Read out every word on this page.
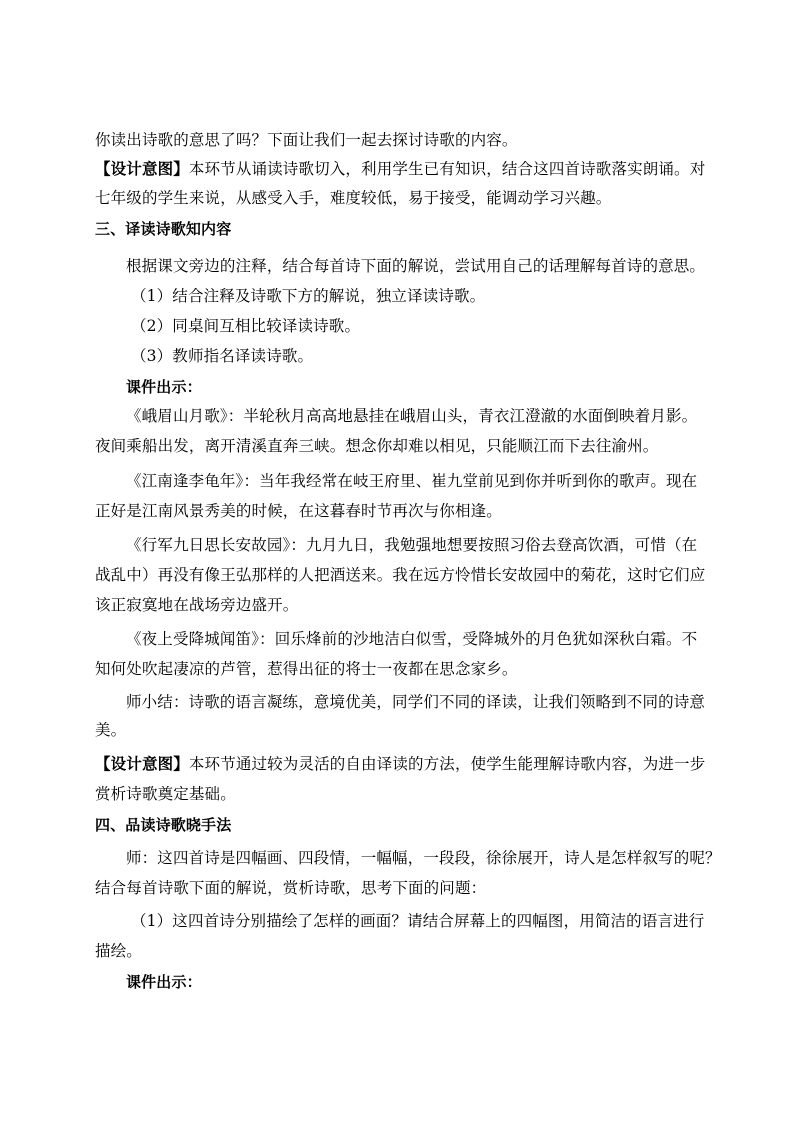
你读出诗歌的意思了吗？下面让我们一起去探讨诗歌的内容。
【设计意图】本环节从诵读诗歌切入，利用学生已有知识，结合这四首诗歌落实朗诵。对
七年级的学生来说，从感受入手，难度较低，易于接受，能调动学习兴趣。
三、译读诗歌知内容
根据课文旁边的注释，结合每首诗下面的解说，尝试用自己的话理解每首诗的意思。
（1）结合注释及诗歌下方的解说，独立译读诗歌。
（2）同桌间互相比较译读诗歌。
（3）教师指名译读诗歌。
课件出示：
《峨眉山月歌》：半轮秋月高高地悬挂在峨眉山头，青衣江澄澈的水面倒映着月影。
夜间乘船出发，离开清溪直奔三峡。想念你却难以相见，只能顺江而下去往渝州。
《江南逢李龟年》：当年我经常在岐王府里、崔九堂前见到你并听到你的歌声。现在
正好是江南风景秀美的时候，在这暮春时节再次与你相逢。
《行军九日思长安故园》：九月九日，我勉强地想要按照习俗去登高饮酒，可惜（在
战乱中）再没有像王弘那样的人把酒送来。我在远方怜惜长安故园中的菊花，这时它们应
该正寂寞地在战场旁边盛开。
《夜上受降城闻笛》：回乐烽前的沙地洁白似雪，受降城外的月色犹如深秋白霜。不
知何处吹起凄凉的芦管，惹得出征的将士一夜都在思念家乡。
师小结：诗歌的语言凝练，意境优美，同学们不同的译读，让我们领略到不同的诗意
美。
【设计意图】本环节通过较为灵活的自由译读的方法，使学生能理解诗歌内容，为进一步
赏析诗歌奠定基础。
四、品读诗歌晓手法
师：这四首诗是四幅画、四段情，一幅幅，一段段，徐徐展开，诗人是怎样叙写的呢？
结合每首诗歌下面的解说，赏析诗歌，思考下面的问题：
（1）这四首诗分别描绘了怎样的画面？请结合屏幕上的四幅图，用简洁的语言进行
描绘。
课件出示：
